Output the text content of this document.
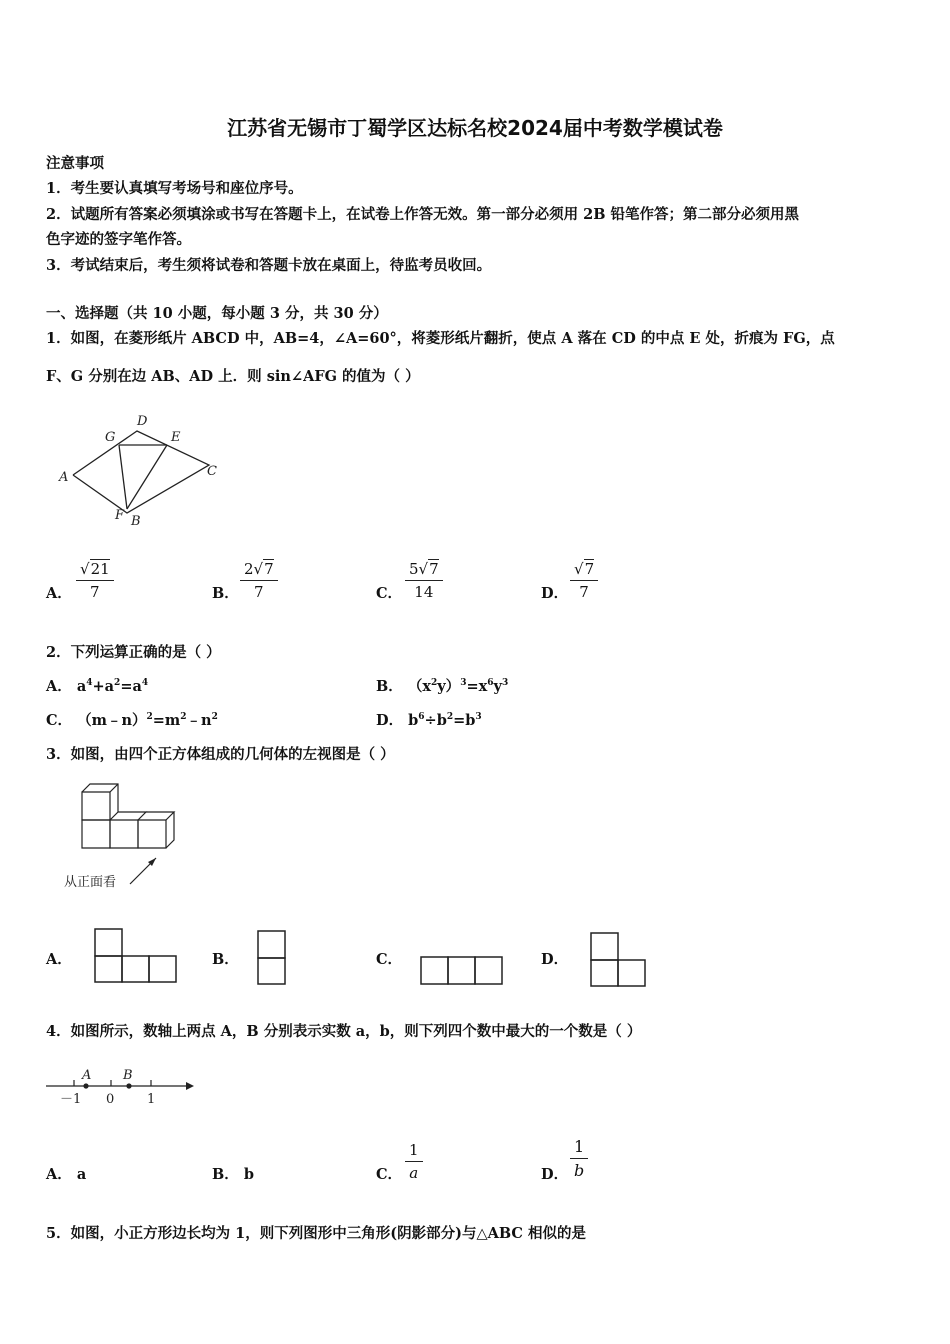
江苏省无锡市丁蜀学区达标名校2024届中考数学模试卷
注意事项
1．考生要认真填写考场号和座位序号。
2．试题所有答案必须填涂或书写在答题卡上，在试卷上作答无效。第一部分必须用 2B 铅笔作答；第二部分必须用黑
色字迹的签字笔作答。
3．考试结束后，考生须将试卷和答题卡放在桌面上，待监考员收回。
一、选择题（共 10 小题，每小题 3 分，共 30 分）
1．如图，在菱形纸片 ABCD 中，AB=4，∠A=60°，将菱形纸片翻折，使点 A 落在 CD 的中点 E 处，折痕为 FG，点
F、G 分别在边 AB、AD 上．则 sin∠AFG 的值为（ ）
A
D
C
E
G
F B
A． $\frac{√21}{7}$	B． $\frac{2√7}{7}$	C． $\frac{5√7}{14}$	D． $\frac{√7}{7}$
2．下列运算正确的是（ ）
A． $a^4+a^2=a^4$	B． $(x^2y)^3=x^6y^3$
C． $(m﹣n)^2=m^2﹣n^2$	D． $b^6\div b^2=b^3$
3．如图，由四个正方体组成的几何体的左视图是（ ）
从正面看
A．	B．	C．	D．
4．如图所示，数轴上两点 A，B 分别表示实数 a，b，则下列四个数中最大的一个数是（ ）
A B
－1 0	1
A． a	B． b	C． $\frac{1}{a}$	D． $\frac{1}{b}$
5．如图，小正方形边长均为 1，则下列图形中三角形(阴影部分)与△ABC 相似的是
